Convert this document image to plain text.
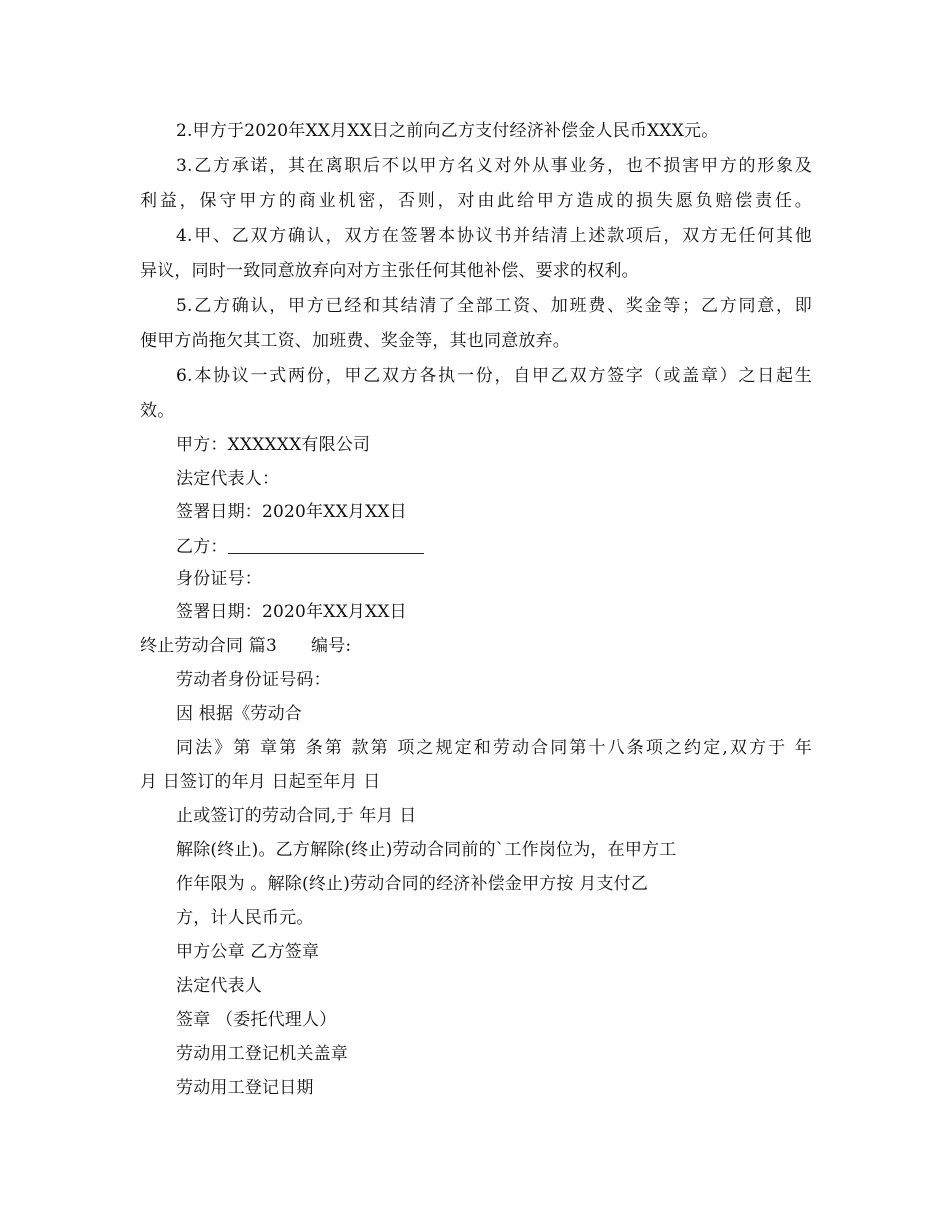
2.甲方于2020年XX月XX日之前向乙方支付经济补偿金人民币XXX元。
3.乙方承诺，其在离职后不以甲方名义对外从事业务，也不损害甲方的形象及
利益，保守甲方的商业机密，否则，对由此给甲方造成的损失愿负赔偿责任。
4.甲、乙双方确认，双方在签署本协议书并结清上述款项后，双方无任何其他
异议，同时一致同意放弃向对方主张任何其他补偿、要求的权利。
5.乙方确认，甲方已经和其结清了全部工资、加班费、奖金等；乙方同意，即
便甲方尚拖欠其工资、加班费、奖金等，其也同意放弃。
6.本协议一式两份，甲乙双方各执一份，自甲乙双方签字（或盖章）之日起生
效。
甲方：XXXXXX有限公司
法定代表人：
签署日期：2020年XX月XX日
乙方：
身份证号：
签署日期：2020年XX月XX日
终止劳动合同 篇3 编号:
劳动者身份证号码：
因 根据《劳动合
同法》第 章第 条第 款第 项之规定和劳动合同第十八条项之约定,双方于 年
月 日签订的年月 日起至年月 日
止或签订的劳动合同,于 年月 日
解除(终止)。乙方解除(终止)劳动合同前的`工作岗位为，在甲方工
作年限为 。解除(终止)劳动合同的经济补偿金甲方按 月支付乙
方，计人民币元。
甲方公章 乙方签章
法定代表人
签章 （委托代理人）
劳动用工登记机关盖章
劳动用工登记日期
